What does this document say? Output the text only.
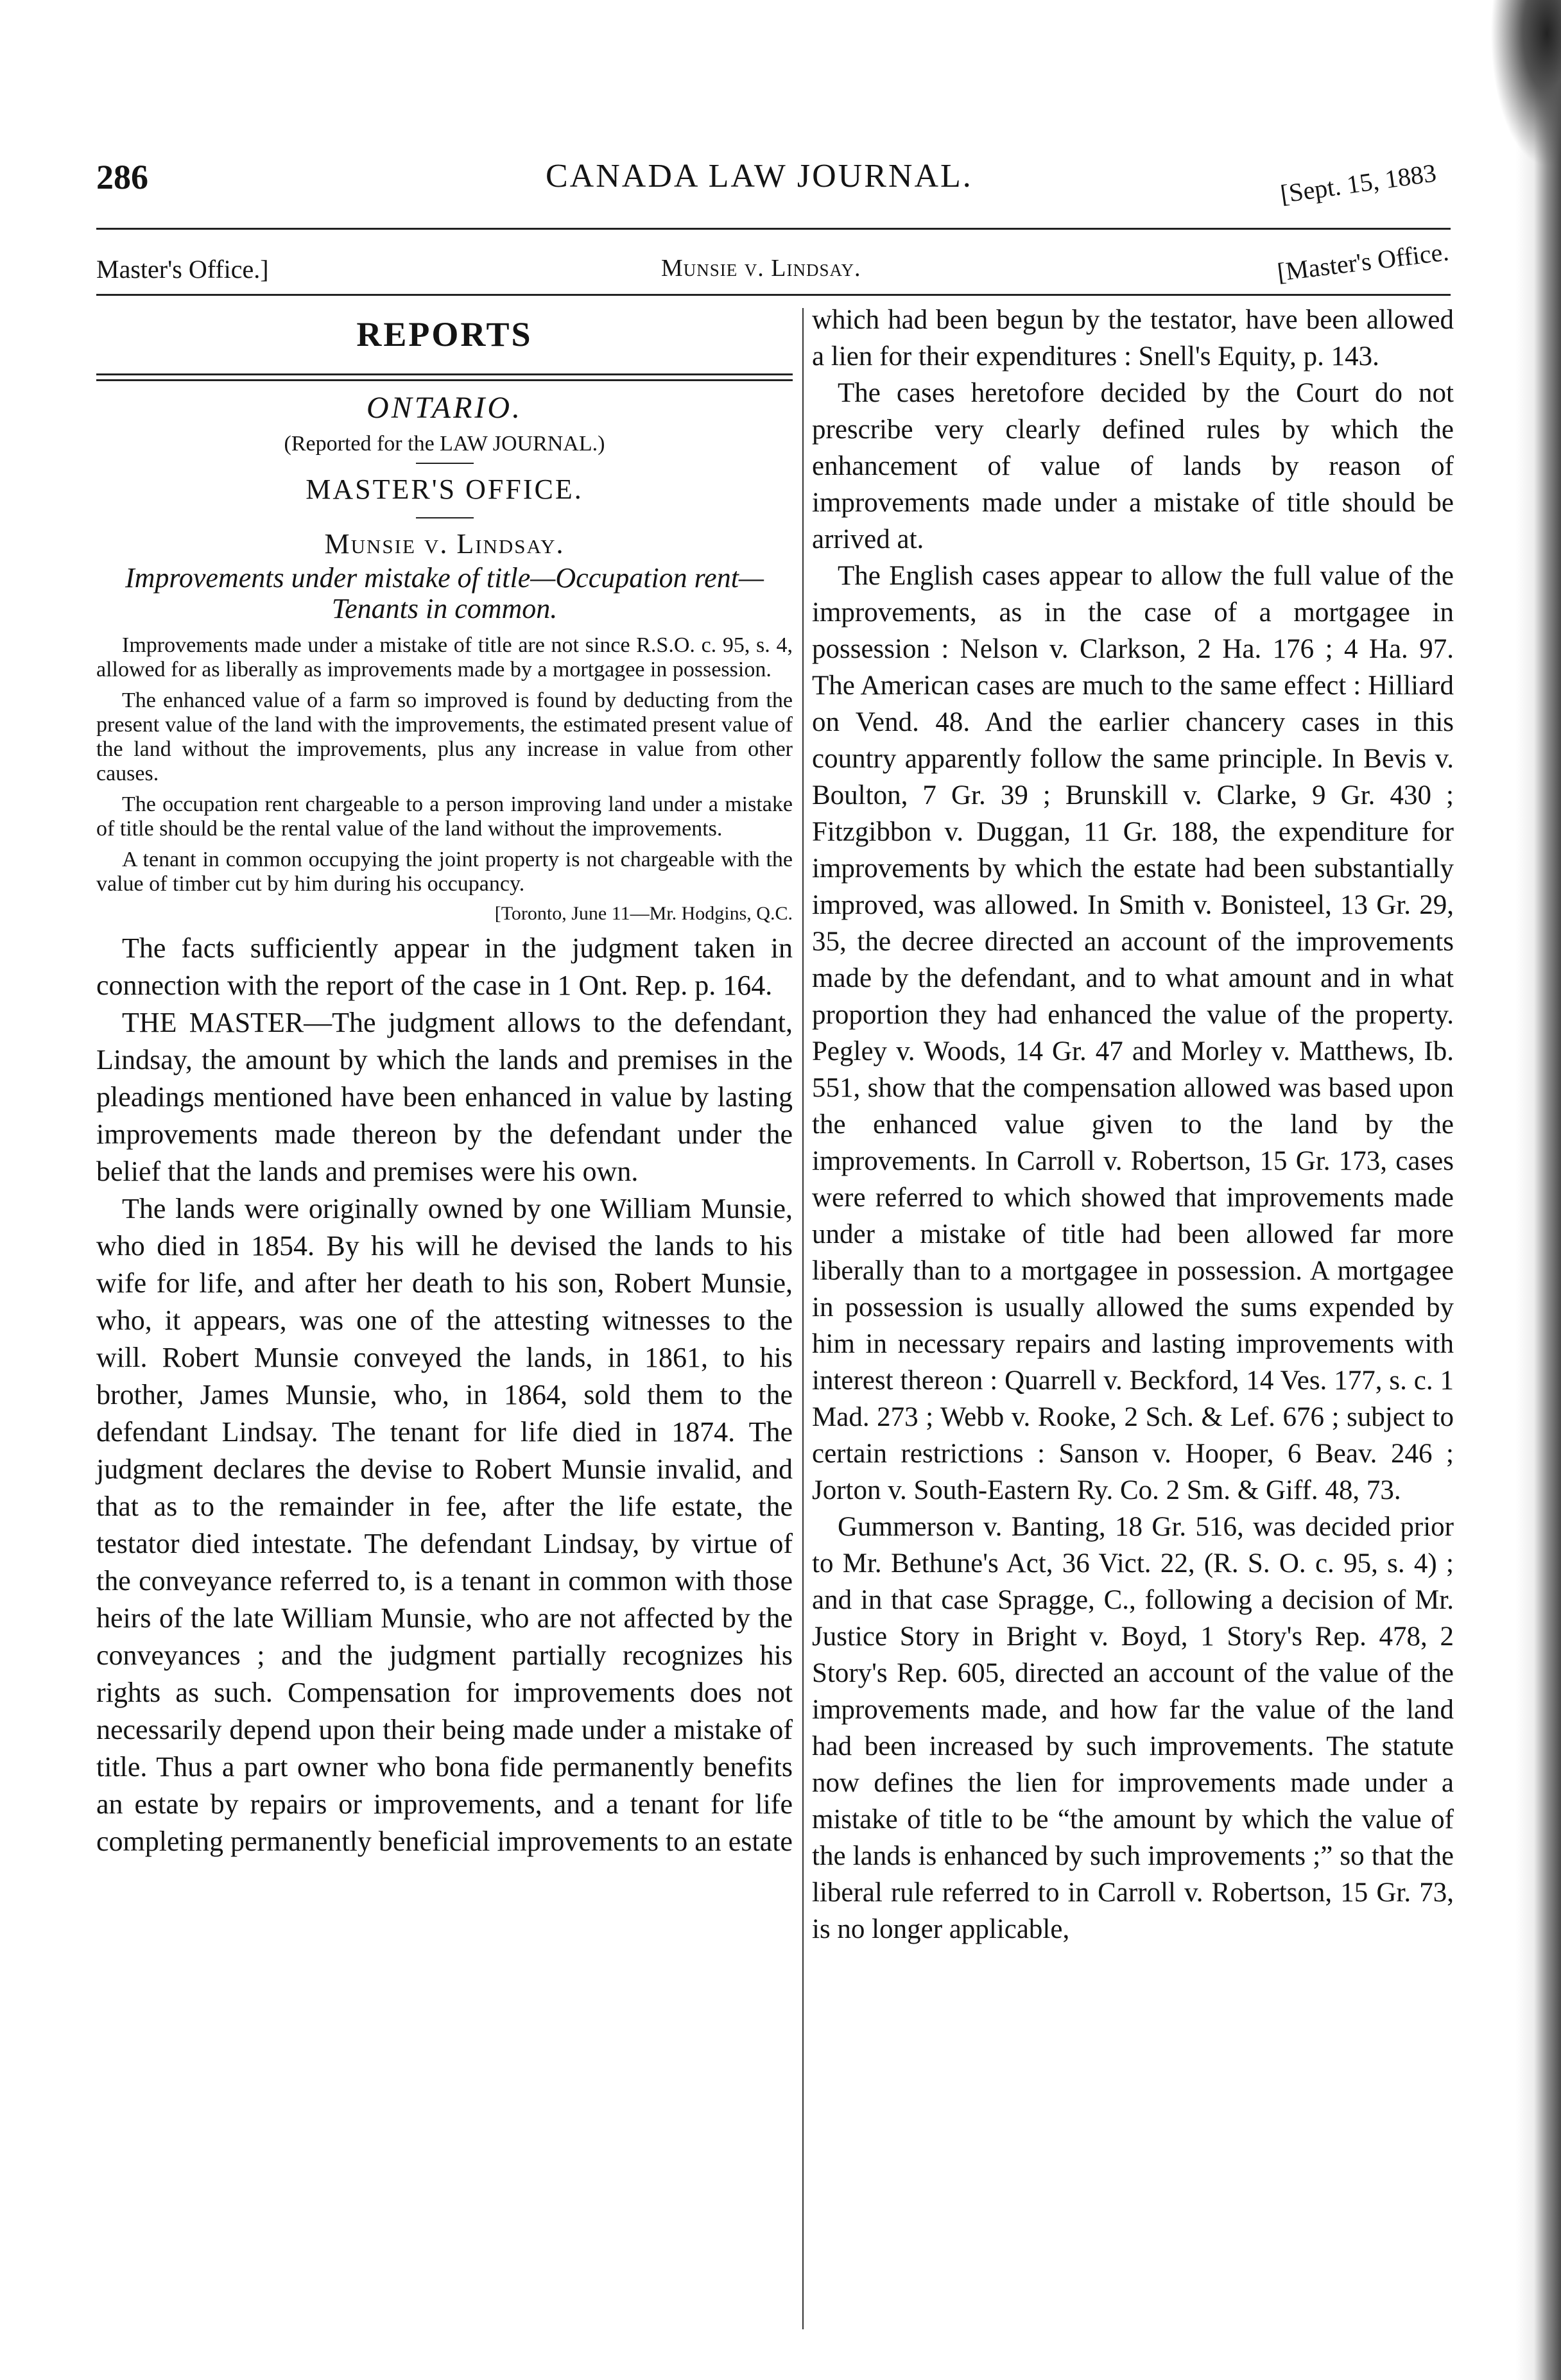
286	CANADA LAW JOURNAL.	[Sept. 15, 1883
Master's Office.]	Munsie v. Lindsay.	[Master's Office.
REPORTS
ONTARIO.
(Reported for the LAW JOURNAL.)
MASTER'S OFFICE.
Munsie v. Lindsay.
Improvements under mistake of title—Occupation rent—Tenants in common.

Improvements made under a mistake of title are not since R.S.O. c. 95, s. 4, allowed for as liberally as improvements made by a mortgagee in possession.

The enhanced value of a farm so improved is found by deducting from the present value of the land with the improvements, the estimated present value of the land without the improvements, plus any increase in value from other causes.

The occupation rent chargeable to a person improving land under a mistake of title should be the rental value of the land without the improvements.

A tenant in common occupying the joint property is not chargeable with the value of timber cut by him during his occupancy.

[Toronto, June 11—Mr. Hodgins, Q.C.

The facts sufficiently appear in the judgment taken in connection with the report of the case in 1 Ont. Rep. p. 164.

THE MASTER—The judgment allows to the defendant, Lindsay, the amount by which the lands and premises in the pleadings mentioned have been enhanced in value by lasting improvements made thereon by the defendant under the belief that the lands and premises were his own.

The lands were originally owned by one William Munsie, who died in 1854. By his will he devised the lands to his wife for life, and after her death to his son, Robert Munsie, who, it appears, was one of the attesting witnesses to the will. Robert Munsie conveyed the lands, in 1861, to his brother, James Munsie, who, in 1864, sold them to the defendant Lindsay. The tenant for life died in 1874. The judgment declares the devise to Robert Munsie invalid, and that as to the remainder in fee, after the life estate, the testator died intestate. The defendant Lindsay, by virtue of the conveyance referred to, is a tenant in common with those heirs of the late William Munsie, who are not affected by the conveyances ; and the judgment partially recognizes his rights as such. Compensation for improvements does not necessarily depend upon their being made under a mistake of title. Thus a part owner who bona fide permanently benefits an estate by repairs or improvements, and a tenant for life completing permanently beneficial improvements to an estate

which had been begun by the testator, have been allowed a lien for their expenditures : Snell's Equity, p. 143.

The cases heretofore decided by the Court do not prescribe very clearly defined rules by which the enhancement of value of lands by reason of improvements made under a mistake of title should be arrived at.

The English cases appear to allow the full value of the improvements, as in the case of a mortgagee in possession : Nelson v. Clarkson, 2 Ha. 176 ; 4 Ha. 97. The American cases are much to the same effect : Hilliard on Vend. 48. And the earlier chancery cases in this country apparently follow the same principle. In Bevis v. Boulton, 7 Gr. 39 ; Brunskill v. Clarke, 9 Gr. 430 ; Fitzgibbon v. Duggan, 11 Gr. 188, the expenditure for improvements by which the estate had been substantially improved, was allowed. In Smith v. Bonisteel, 13 Gr. 29, 35, the decree directed an account of the improvements made by the defendant, and to what amount and in what proportion they had enhanced the value of the property. Pegley v. Woods, 14 Gr. 47 and Morley v. Matthews, Ib. 551, show that the compensation allowed was based upon the enhanced value given to the land by the improvements. In Carroll v. Robertson, 15 Gr. 173, cases were referred to which showed that improvements made under a mistake of title had been allowed far more liberally than to a mortgagee in possession. A mortgagee in possession is usually allowed the sums expended by him in necessary repairs and lasting improvements with interest thereon : Quarrell v. Beckford, 14 Ves. 177, s. c. 1 Mad. 273 ; Webb v. Rooke, 2 Sch. & Lef. 676 ; subject to certain restrictions : Sanson v. Hooper, 6 Beav. 246 ; Jorton v. South-Eastern Ry. Co. 2 Sm. & Giff. 48, 73.

Gummerson v. Banting, 18 Gr. 516, was decided prior to Mr. Bethune's Act, 36 Vict. 22, (R. S. O. c. 95, s. 4) ; and in that case Spragge, C., following a decision of Mr. Justice Story in Bright v. Boyd, 1 Story's Rep. 478, 2 Story's Rep. 605, directed an account of the value of the improvements made, and how far the value of the land had been increased by such improvements. The statute now defines the lien for improvements made under a mistake of title to be “the amount by which the value of the lands is enhanced by such improvements ;” so that the liberal rule referred to in Carroll v. Robertson, 15 Gr. 73, is no longer applicable,
